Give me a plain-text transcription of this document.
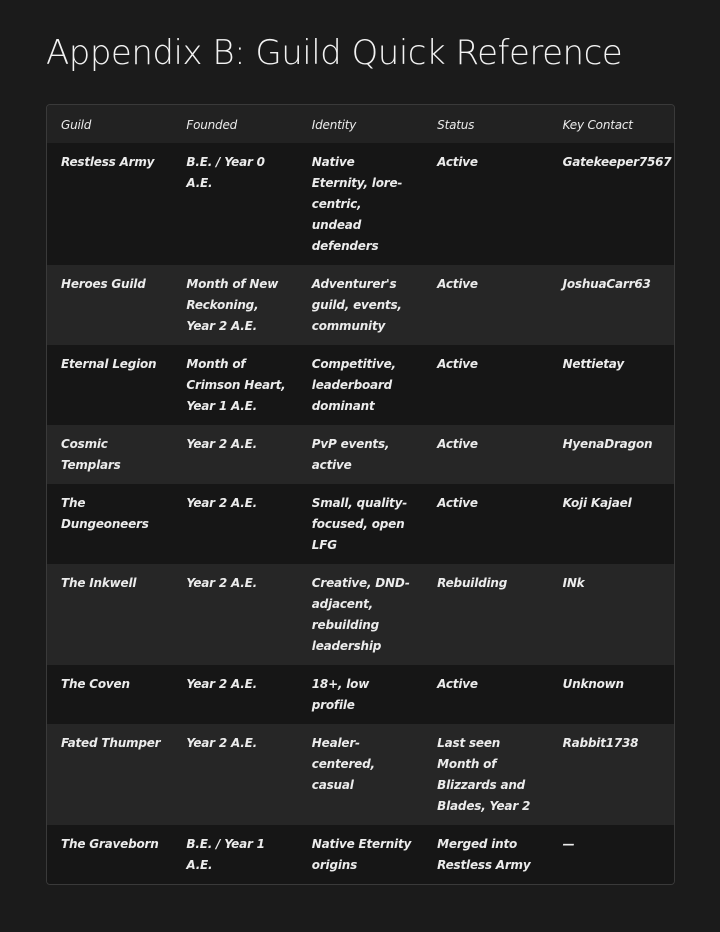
Appendix B: Guild Quick Reference
Guild	Founded	Identity	Status	Key Contact
Restless Army	B.E. / Year 0 A.E.	Native Eternity, lore-centric, undead defenders	Active	Gatekeeper7567
Heroes Guild	Month of New Reckoning, Year 2 A.E.	Adventurer's guild, events, community	Active	JoshuaCarr63
Eternal Legion	Month of Crimson Heart, Year 1 A.E.	Competitive, leaderboard dominant	Active	Nettietay
Cosmic Templars	Year 2 A.E.	PvP events, active	Active	HyenaDragon
The Dungeoneers	Year 2 A.E.	Small, quality-focused, open LFG	Active	Koji Kajael
The Inkwell	Year 2 A.E.	Creative, DND-adjacent, rebuilding leadership	Rebuilding	INk
The Coven	Year 2 A.E.	18+, low profile	Active	Unknown
Fated Thumper	Year 2 A.E.	Healer-centered, casual	Last seen Month of Blizzards and Blades, Year 2	Rabbit1738
The Graveborn	B.E. / Year 1 A.E.	Native Eternity origins	Merged into Restless Army	—
